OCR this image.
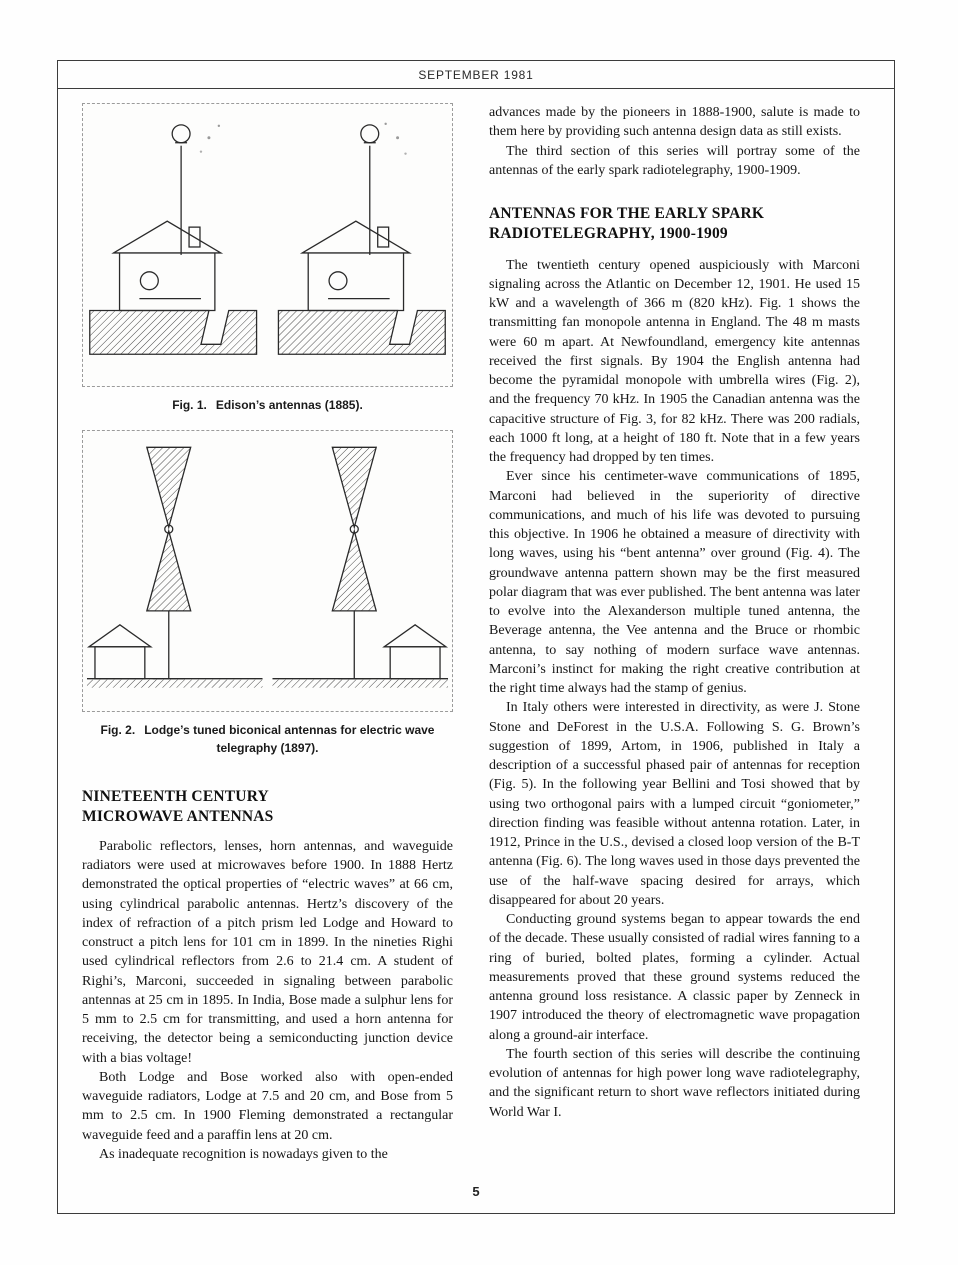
SEPTEMBER 1981
Fig. 1. Edison’s antennas (1885).
Fig. 2. Lodge’s tuned biconical antennas for electric wave telegraphy (1897).
NINETEENTH CENTURY
MICROWAVE ANTENNAS

Parabolic reflectors, lenses, horn antennas, and waveguide radiators were used at microwaves before 1900. In 1888 Hertz demonstrated the optical properties of “electric waves” at 66 cm, using cylindrical parabolic antennas. Hertz’s discovery of the index of refraction of a pitch prism led Lodge and Howard to construct a pitch lens for 101 cm in 1899. In the nineties Righi used cylindrical reflectors from 2.6 to 21.4 cm. A student of Righi’s, Marconi, succeeded in signaling between parabolic antennas at 25 cm in 1895. In India, Bose made a sulphur lens for 5 mm to 2.5 cm for transmitting, and used a horn antenna for receiving, the detector being a semiconducting junction device with a bias voltage!

Both Lodge and Bose worked also with open-ended waveguide radiators, Lodge at 7.5 and 20 cm, and Bose from 5 mm to 2.5 cm. In 1900 Fleming demonstrated a rectangular waveguide feed and a paraffin lens at 20 cm.

As inadequate recognition is nowadays given to the

advances made by the pioneers in 1888-1900, salute is made to them here by providing such antenna design data as still exists.

The third section of this series will portray some of the antennas of the early spark radiotelegraphy, 1900-1909.

ANTENNAS FOR THE EARLY SPARK
RADIOTELEGRAPHY, 1900-1909

The twentieth century opened auspiciously with Marconi signaling across the Atlantic on December 12, 1901. He used 15 kW and a wavelength of 366 m (820 kHz). Fig. 1 shows the transmitting fan monopole antenna in England. The 48 m masts were 60 m apart. At Newfoundland, emergency kite antennas received the first signals. By 1904 the English antenna had become the pyramidal monopole with umbrella wires (Fig. 2), and the frequency 70 kHz. In 1905 the Canadian antenna was the capacitive structure of Fig. 3, for 82 kHz. There was 200 radials, each 1000 ft long, at a height of 180 ft. Note that in a few years the frequency had dropped by ten times.

Ever since his centimeter-wave communications of 1895, Marconi had believed in the superiority of directive communications, and much of his life was devoted to pursuing this objective. In 1906 he obtained a measure of directivity with long waves, using his “bent antenna” over ground (Fig. 4). The groundwave antenna pattern shown may be the first measured polar diagram that was ever published. The bent antenna was later to evolve into the Alexanderson multiple tuned antenna, the Beverage antenna, the Vee antenna and the Bruce or rhombic antenna, to say nothing of modern surface wave antennas. Marconi’s instinct for making the right creative contribution at the right time always had the stamp of genius.

In Italy others were interested in directivity, as were J. Stone Stone and DeForest in the U.S.A. Following S. G. Brown’s suggestion of 1899, Artom, in 1906, published in Italy a description of a successful phased pair of antennas for reception (Fig. 5). In the following year Bellini and Tosi showed that by using two orthogonal pairs with a lumped circuit “goniometer,” direction finding was feasible without antenna rotation. Later, in 1912, Prince in the U.S., devised a closed loop version of the B-T antenna (Fig. 6). The long waves used in those days prevented the use of the half-wave spacing desired for arrays, which disappeared for about 20 years.

Conducting ground systems began to appear towards the end of the decade. These usually consisted of radial wires fanning to a ring of buried, bolted plates, forming a cylinder. Actual measurements proved that these ground systems reduced the antenna ground loss resistance. A classic paper by Zenneck in 1907 introduced the theory of electromagnetic wave propagation along a ground-air interface.

The fourth section of this series will describe the continuing evolution of antennas for high power long wave radiotelegraphy, and the significant return to short wave reflectors initiated during World War I.

5
